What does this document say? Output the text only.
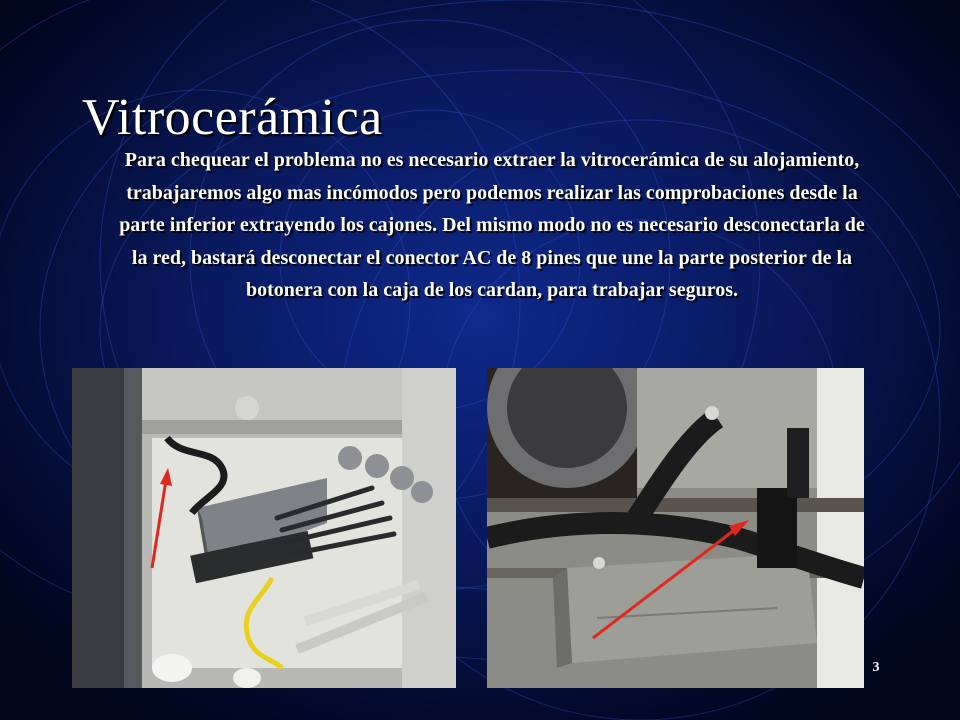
Vitrocerámica

Para chequear el problema no es necesario extraer la vitrocerámica de su alojamiento, trabajaremos algo mas incómodos pero podemos realizar las comprobaciones desde la parte inferior extrayendo los cajones. Del mismo modo no es necesario desconectarla de la red, bastará desconectar el conector AC de 8 pines que une la parte posterior de la botonera con la caja de los cardan, para trabajar seguros.

3
